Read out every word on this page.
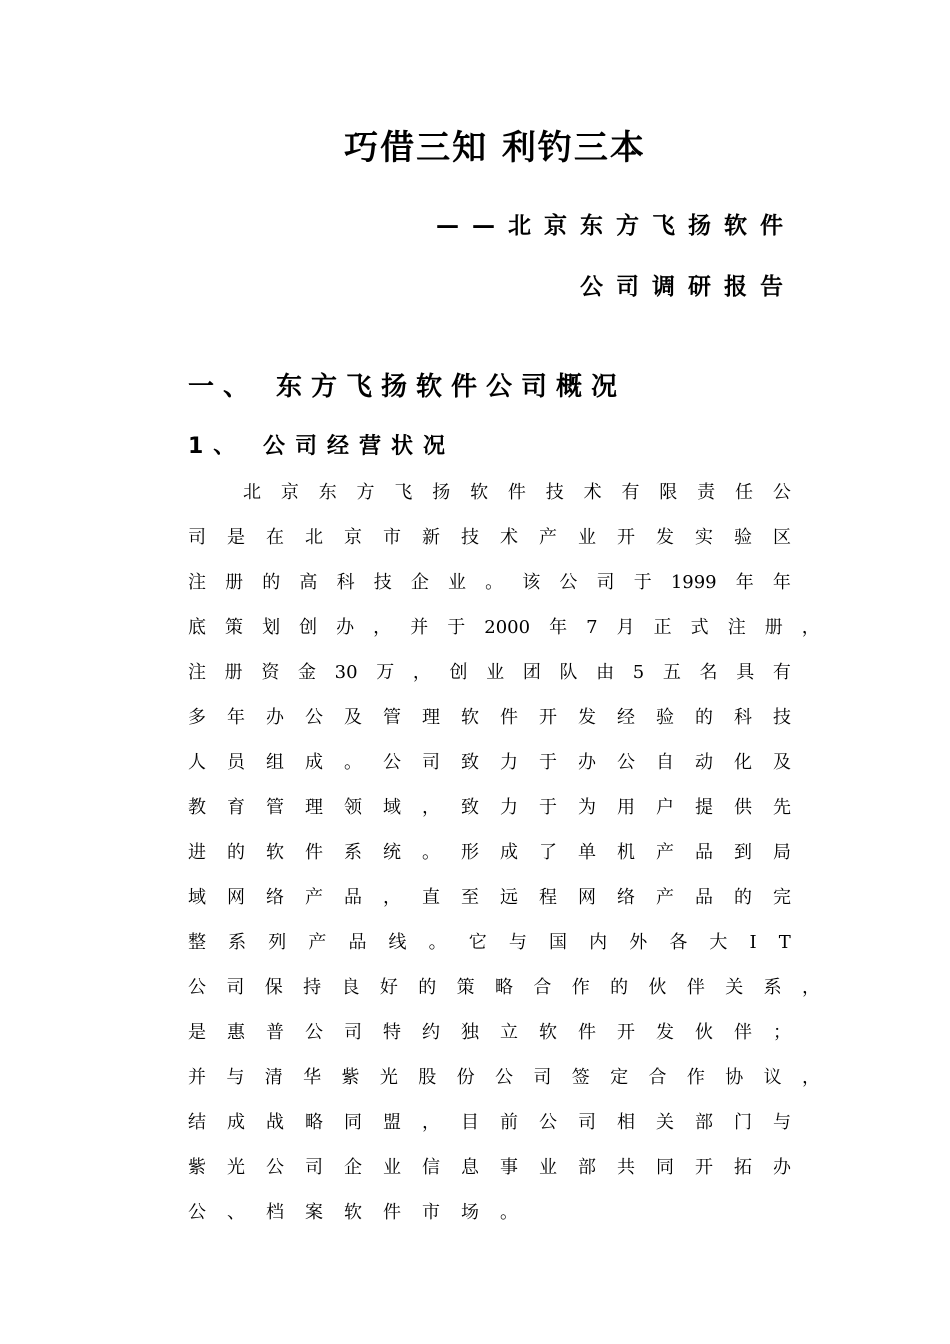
巧借三知 利钓三本

——北京东方飞扬软件

公司调研报告

一、 东方飞扬软件公司概况
1、 公司经营状况
北 京 东 方 飞 扬 软 件 技 术 有 限 责 任 公
司 是 在 北 京 市 新 技 术 产 业 开 发 实 验 区
注 册 的 高 科 技 企 业 。 该 公 司 于 1999 年 年
底 策 划 创 办 ， 并 于 2000 年 7 月 正 式 注 册 ，
注 册 资 金 30 万 ， 创 业 团 队 由 5 五 名 具 有
多 年 办 公 及 管 理 软 件 开 发 经 验 的 科 技
人 员 组 成 。 公 司 致 力 于 办 公 自 动 化 及
教 育 管 理 领 域 ， 致 力 于 为 用 户 提 供 先
进 的 软 件 系 统 。 形 成 了 单 机 产 品 到 局
域 网 络 产 品 ， 直 至 远 程 网 络 产 品 的 完
整 系 列 产 品 线 。 它 与 国 内 外 各 大 I T
公 司 保 持 良 好 的 策 略 合 作 的 伙 伴 关 系 ，
是 惠 普 公 司 特 约 独 立 软 件 开 发 伙 伴 ；
并 与 清 华 紫 光 股 份 公 司 签 定 合 作 协 议 ，
结 成 战 略 同 盟 ， 目 前 公 司 相 关 部 门 与
紫 光 公 司 企 业 信 息 事 业 部 共 同 开 拓 办
公 、 档 案 软 件 市 场 。
